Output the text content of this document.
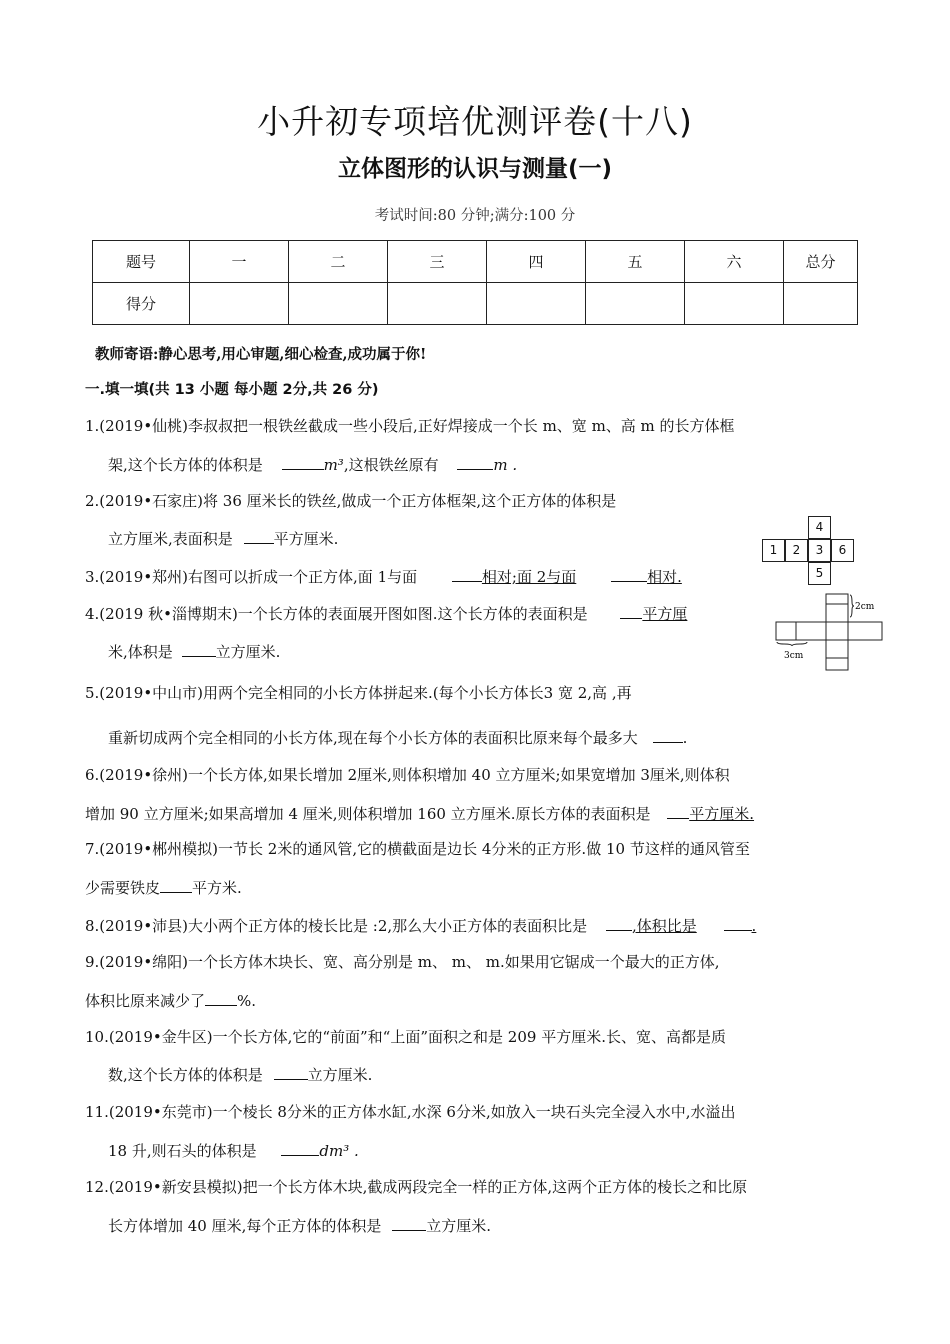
小升初专项培优测评卷(十八)
立体图形的认识与测量(一)
考试时间:80 分钟;满分:100 分
题号	一	二	三	四	五	六	总分
得分							
教师寄语:静心思考,用心审题,细心检查,成功属于你!
一.填一填(共 13 小题 每小题 2分,共 26 分)
1.(2019•仙桃)李叔叔把一根铁丝截成一些小段后,正好焊接成一个长 m、宽 m、高 m 的长方体框
架,这个长方体的体积是	m³,这根铁丝原有	m .
2.(2019•石家庄)将 36 厘米长的铁丝,做成一个正方体框架,这个正方体的体积是
立方厘米,表面积是	平方厘米.
3.(2019•郑州)右图可以折成一个正方体,面 1与面	相对;面 2与面	相对.
4
1	2	3	6
5
4.(2019 秋•淄博期末)一个长方体的表面展开图如图.这个长方体的表面积是	平方厘
米,体积是	立方厘米.
2cm
3cm
5.(2019•中山市)用两个完全相同的小长方体拼起来.(每个小长方体长3 宽 2,高 ,再
重新切成两个完全相同的小长方体,现在每个小长方体的表面积比原来每个最多大	.
6.(2019•徐州)一个长方体,如果长增加 2厘米,则体积增加 40 立方厘米;如果宽增加 3厘米,则体积
增加 90 立方厘米;如果高增加 4 厘米,则体积增加 160 立方厘米.原长方体的表面积是	平方厘米.
7.(2019•郴州模拟)一节长 2米的通风管,它的横截面是边长 4分米的正方形.做 10 节这样的通风管至
少需要铁皮 平方米.
8.(2019•沛县)大小两个正方体的棱长比是 :2,那么大小正方体的表面积比是	,体积比是	.
9.(2019•绵阳)一个长方体木块长、宽、高分别是 m、 m、 m.如果用它锯成一个最大的正方体,
体积比原来减少了 %.
10.(2019•金牛区)一个长方体,它的“前面”和“上面”面积之和是 209 平方厘米.长、宽、高都是质
数,这个长方体的体积是	立方厘米.
11.(2019•东莞市)一个棱长 8分米的正方体水缸,水深 6分米,如放入一块石头完全浸入水中,水溢出
18 升,则石头的体积是	dm³ .
12.(2019•新安县模拟)把一个长方体木块,截成两段完全一样的正方体,这两个正方体的棱长之和比原
长方体增加 40 厘米,每个正方体的体积是	立方厘米.
